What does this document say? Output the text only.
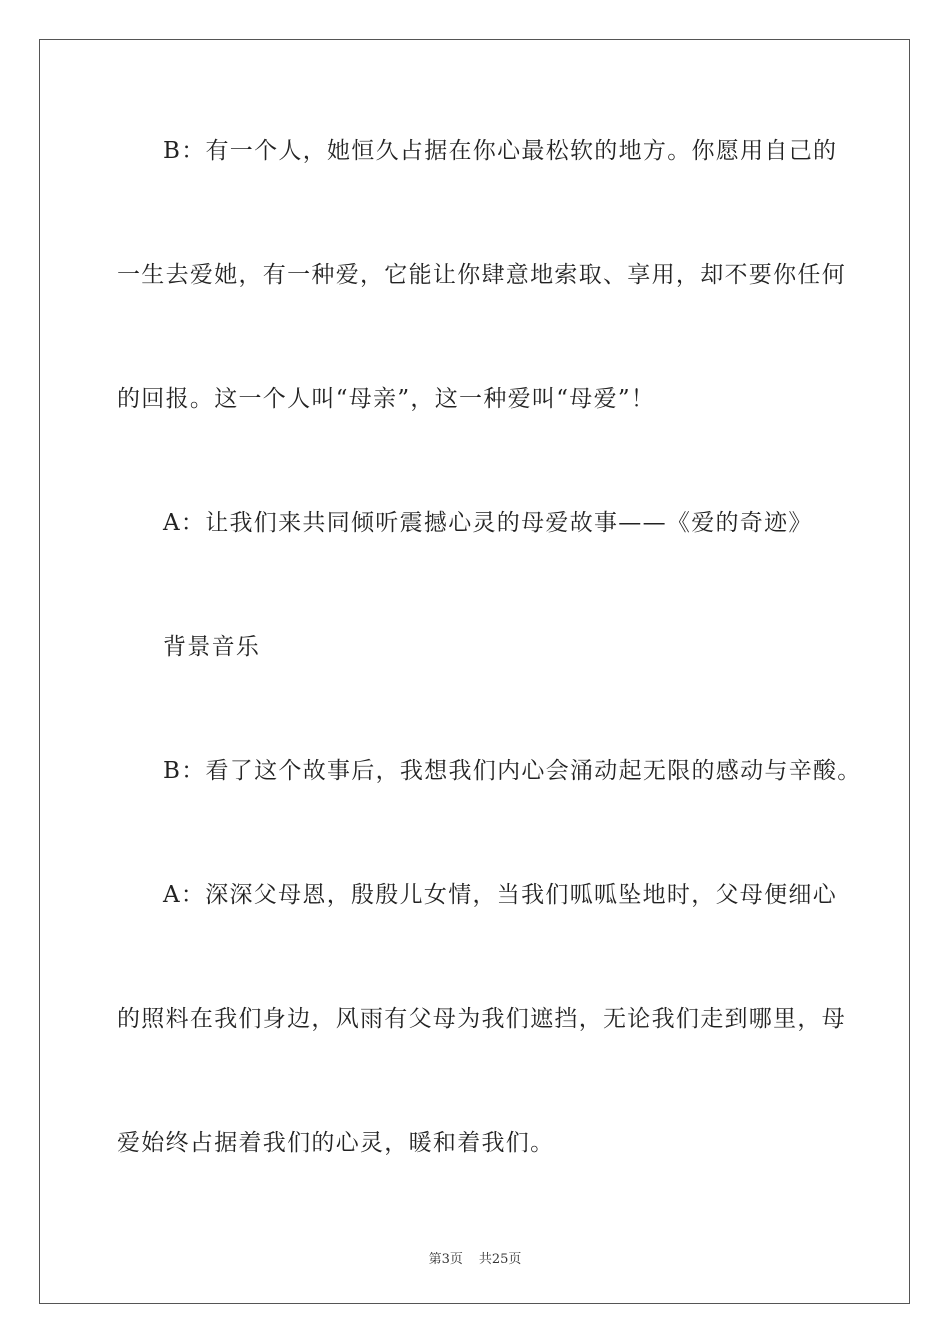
B：有一个人，她恒久占据在你心最松软的地方。你愿用自己的
一生去爱她，有一种爱，它能让你肆意地索取、享用，却不要你任何
的回报。这一个人叫“母亲”，这一种爱叫“母爱”！
A：让我们来共同倾听震撼心灵的母爱故事——《爱的奇迹》
背景音乐
B：看了这个故事后，我想我们内心会涌动起无限的感动与辛酸。
A：深深父母恩，殷殷儿女情，当我们呱呱坠地时，父母便细心
的照料在我们身边，风雨有父母为我们遮挡，无论我们走到哪里，母
爱始终占据着我们的心灵，暖和着我们。
第3页 共25页
